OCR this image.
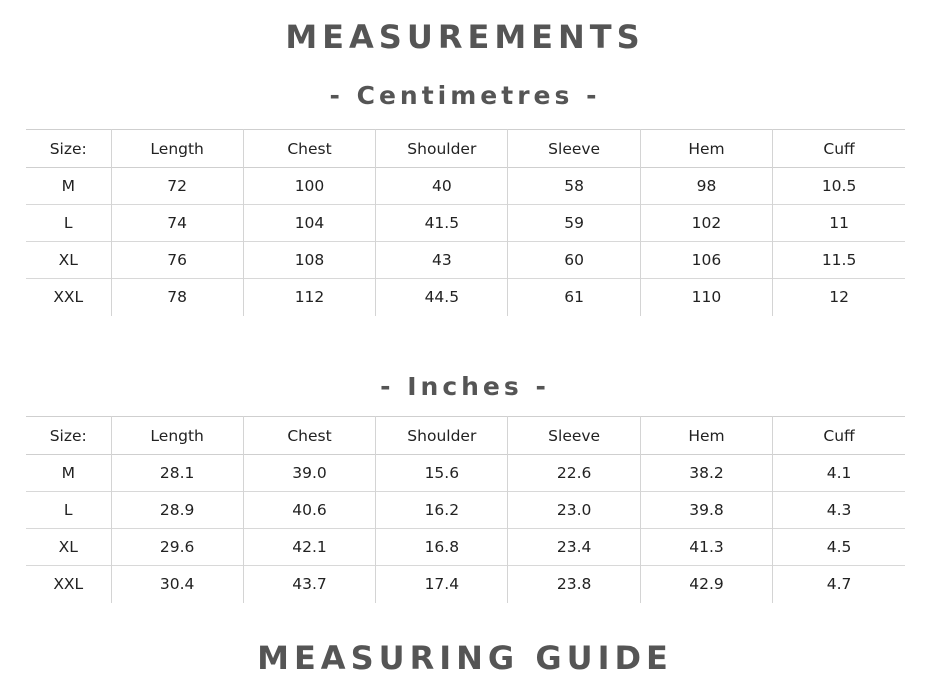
MEASUREMENTS
- Centimetres -
Size:	Length	Chest	Shoulder	Sleeve	Hem	Cuff
M	72	100	40	58	98	10.5
L	74	104	41.5	59	102	11
XL	76	108	43	60	106	11.5
XXL	78	112	44.5	61	110	12
- Inches -
Size:	Length	Chest	Shoulder	Sleeve	Hem	Cuff
M	28.1	39.0	15.6	22.6	38.2	4.1
L	28.9	40.6	16.2	23.0	39.8	4.3
XL	29.6	42.1	16.8	23.4	41.3	4.5
XXL	30.4	43.7	17.4	23.8	42.9	4.7
MEASURING GUIDE
